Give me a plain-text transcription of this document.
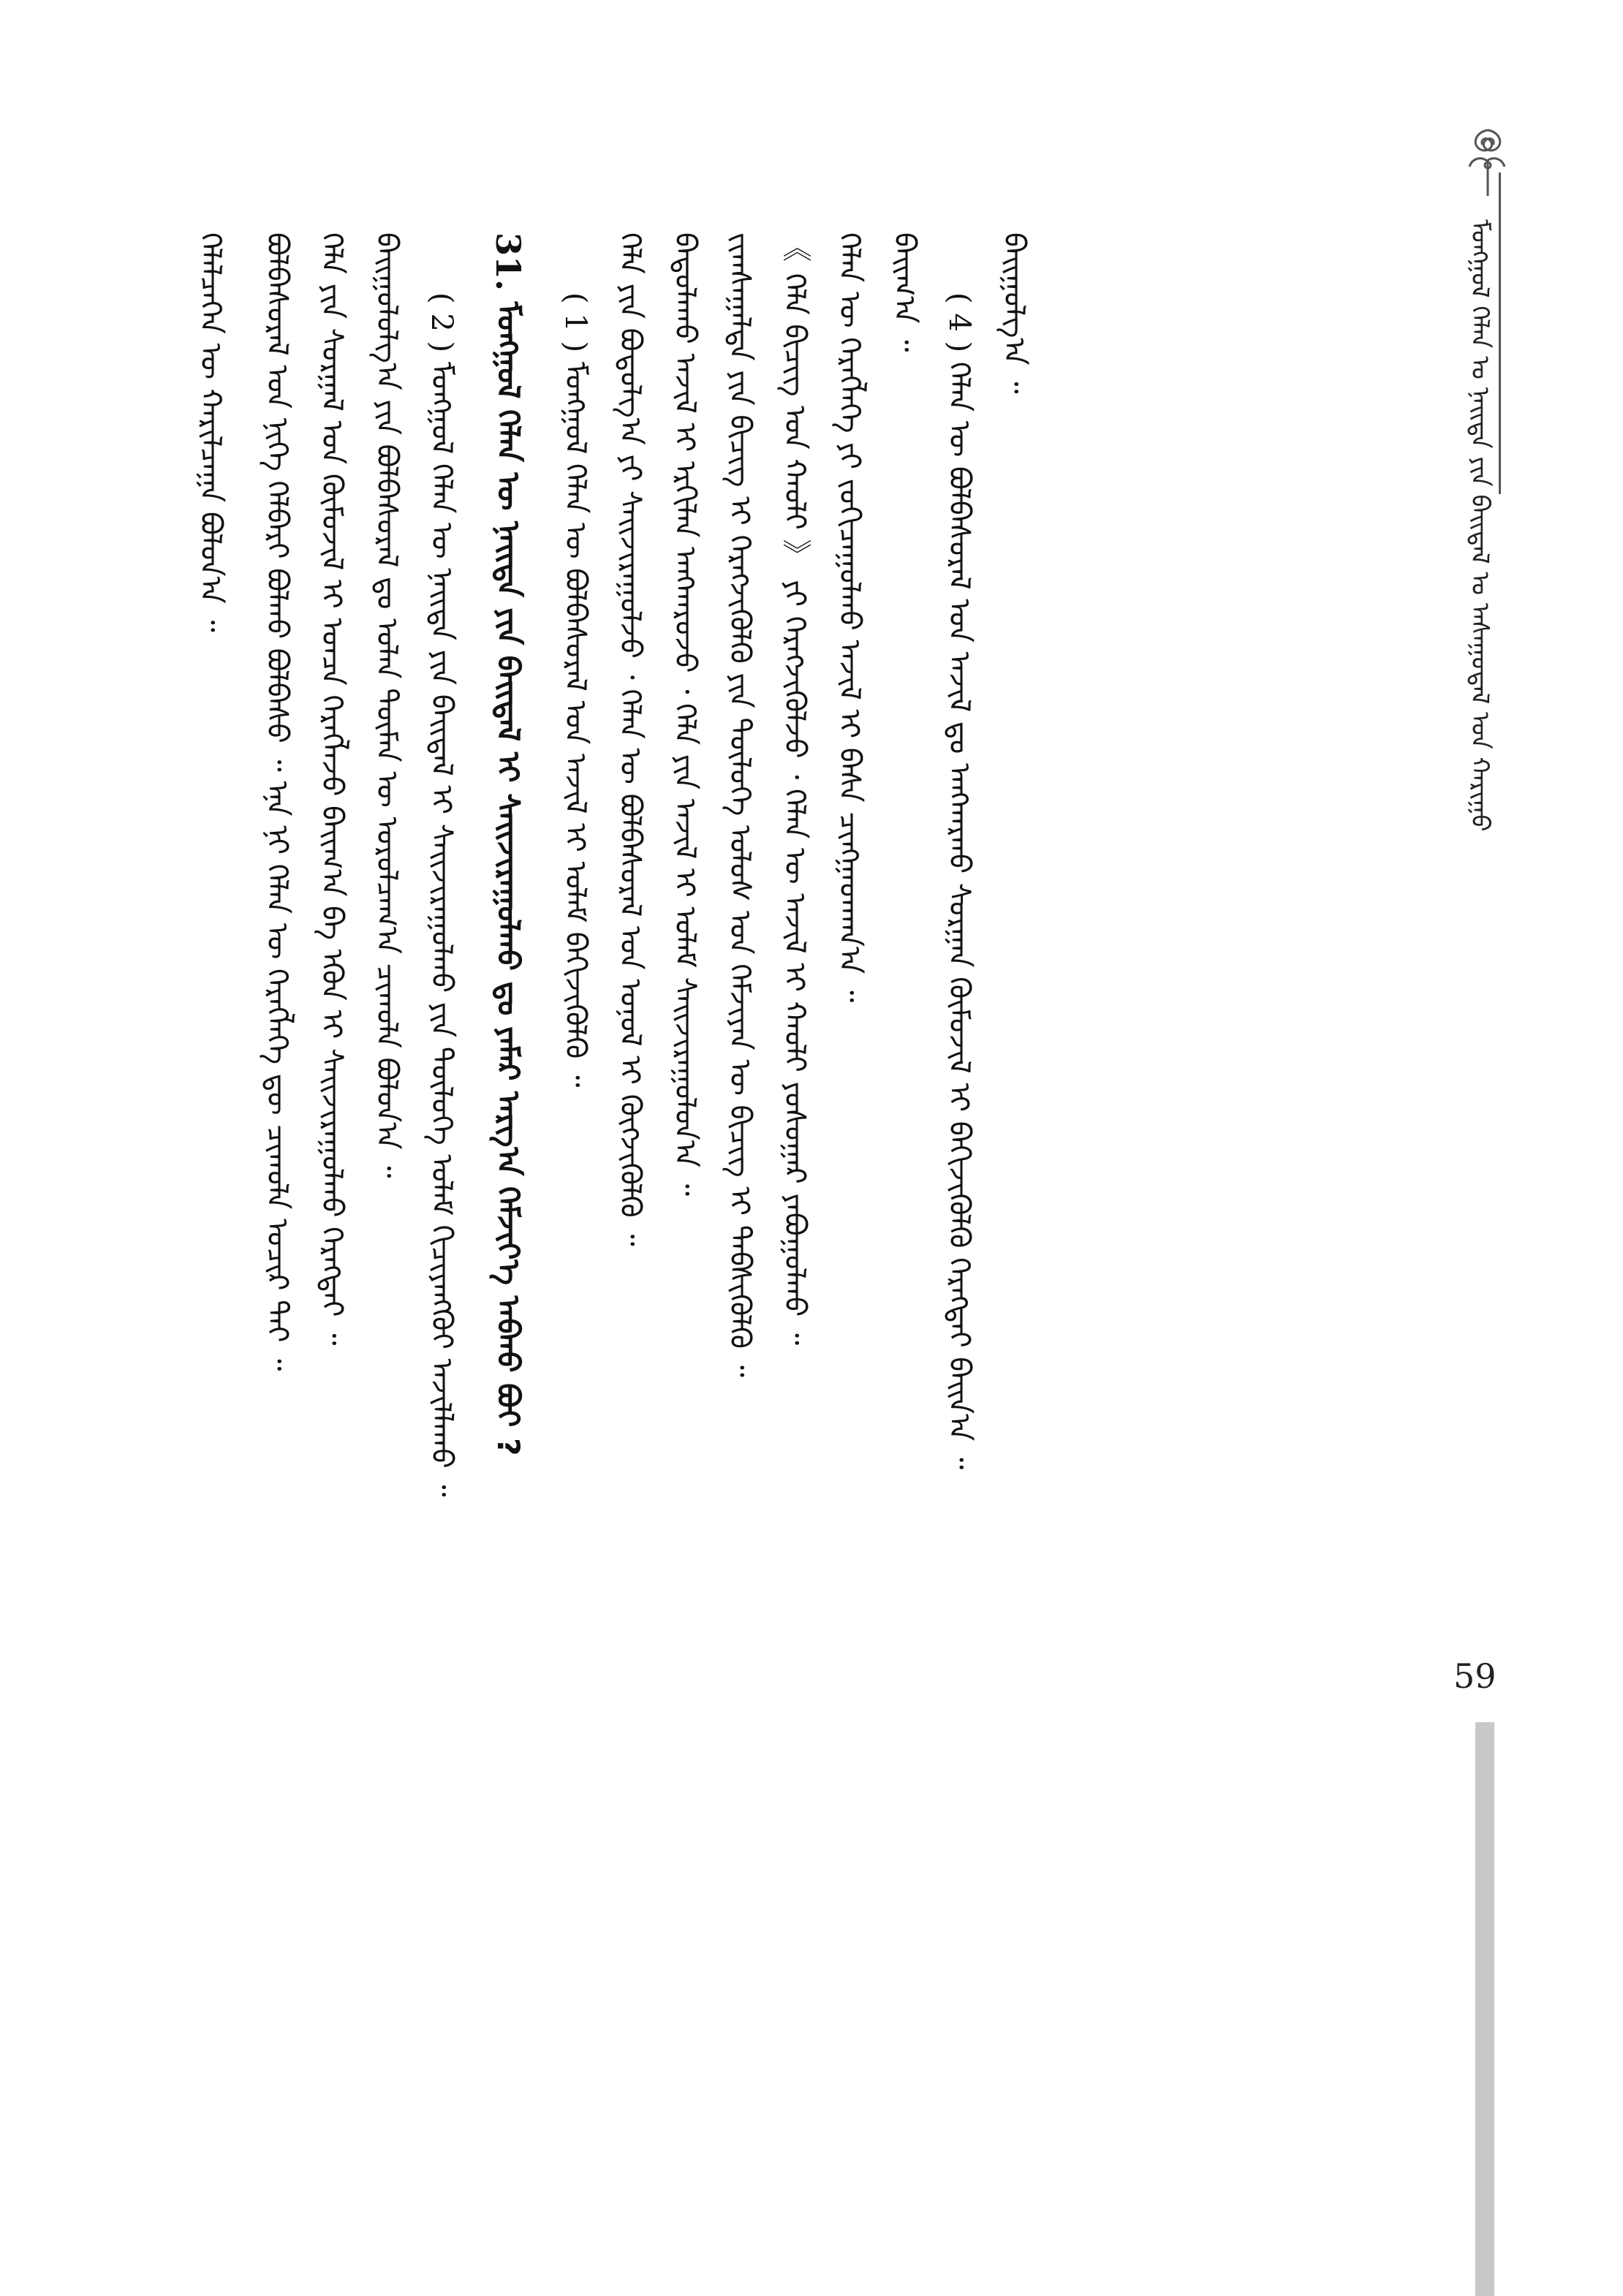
59
ᠮᠣᠩᠭᠣᠯ ᠬᠡᠯᠡᠨ ᠤ ᠨᠡᠢᠲᠡ ᠶᠢᠨ ᠪᠠᠢᠳᠠᠯ ᠤ ᠠᠰᠠᠭᠤᠳᠠᠯ ᠤᠨ ᠬᠠᠷᠢᠭᠤ
ᠬᠡᠯᠡᠯᠴᠡᠭᠡᠨ ᠦ ᠬᠠᠷᠢᠯᠴᠠᠭᠠ ᠪᠣᠯᠣᠨ᠎ᠠ ᠃	ᠪᠣᠯᠪᠠᠰᠤᠷᠠᠯ ᠤᠨ ᠨᠢᠭᠡ ᠬᠡᠯᠪᠡᠷᠢ ᠪᠣᠯᠬᠤ ᠪᠣᠯᠪᠠᠰᠤ ᠃ ᠡᠨᠡ ᠨᠢ ᠬᠡᠯᠡᠨ ᠦ ᠬᠡᠷᠡᠭᠯᠡᠭᠡ ᠳᠦ ᠴᠢᠬᠤᠯᠠ ᠤᠴᠢᠷ ᠲᠠᠢ ᠃ ᠬᠡᠯᠡ ᠶᠢᠨ ᠰᠤᠷᠭᠠᠯ ᠤᠨ ᠬᠦᠮᠦᠵᠢᠯ ᠢ ᠣᠨᠴᠠ ᠬᠡᠷᠡᠭᠯᠡᠵᠦ ᠪᠠᠢᠭ᠎ᠠ ᠪᠠ ᠡᠭᠦᠨ ᠢ ᠰᠠᠢᠵᠢᠷᠠᠭᠤᠯᠬᠤ ᠬᠡᠷᠡᠭᠲᠡᠢ ᠃ ᠪᠠᠢᠭᠤᠯᠤᠯᠭ᠎ᠠ ᠶᠢᠨ ᠪᠣᠯᠪᠠᠰᠤᠷᠠᠯ ᠳᠤ ᠣᠯᠠᠨ ᠲᠦᠮᠡᠨ ᠦ ᠣᠷᠣᠯᠴᠠᠭ᠎ᠠ ᠴᠢᠬᠤᠯᠠ ᠪᠣᠯᠤᠨ᠎ᠠ ᠃ ( 2 ) ᠮᠣᠩᠭᠣᠯ ᠬᠡᠯᠡᠨ ᠦ ᠨᠡᠢᠲᠡ ᠶᠢᠨ ᠪᠠᠢᠳᠠᠯ ᠢ ᠰᠠᠢᠵᠢᠷᠠᠭᠤᠯᠬᠤ ᠶᠢᠨ ᠲᠥᠯᠥᠭᠡ ᠤᠯᠠᠮ ᠬᠢᠴᠢᠶᠡᠩᠭᠦᠢ ᠠᠵᠢᠯᠯᠠᠬᠤ ᠃
31. ᠮᠣᠩᠭᠣᠯ ᠬᠡᠯᠡᠨ ᠦ ᠨᠡᠢᠲᠡ ᠶᠢᠨ ᠪᠠᠢᠳᠠᠯ ᠢ ᠰᠠᠢᠵᠢᠷᠠᠭᠤᠯᠬᠤ ᠳᠤ ᠶᠠᠮᠠᠷ ᠠᠷᠭ᠎ᠠ ᠬᠡᠮᠵᠢᠶ᠎ᠡ ᠠᠪᠬᠤ ᠪᠤᠢ ?	( 1 ) ᠮᠣᠩᠭᠣᠯ ᠬᠡᠯᠡᠨ ᠦ ᠪᠣᠯᠪᠠᠰᠤᠷᠠᠯ ᠤᠨ ᠠᠵᠢᠯ ᠢ ᠤᠯᠠᠮ ᠪᠡᠬᠢᠵᠢᠭᠦᠯᠬᠦ ᠃ ᠬᠡᠯᠡ ᠶᠢᠨ ᠪᠣᠳᠤᠯᠭ᠎ᠠ ᠶᠢ ᠰᠠᠢᠵᠢᠷᠠᠭᠤᠯᠵᠤ ᠂ ᠬᠡᠯᠡᠨ ᠦ ᠪᠣᠯᠪᠠᠰᠤᠷᠠᠯ ᠤᠨ ᠣᠨᠣᠯ ᠢ ᠬᠥᠭᠵᠢᠭᠦᠯᠬᠦ ᠃ ᠪᠠᠳᠤᠯᠠᠬᠤ ᠠᠵᠢᠯ ᠢ ᠡᠷᠬᠢᠯᠡᠨ ᠠᠩᠬᠠᠷᠤᠵᠤ ᠂ ᠬᠡᠯᠡ ᠶᠢᠨ ᠠᠵᠢᠯ ᠢ ᠤᠯᠠᠮ ᠰᠠᠢᠵᠢᠷᠠᠭᠤᠯᠤᠨ᠎ᠠ ᠃ ᠵᠢᠭᠰᠠᠭᠠᠯᠲᠠ ᠶᠢᠨ ᠪᠢᠴᠢᠭ ᠢ ᠬᠡᠷᠡᠭᠵᠢᠭᠦᠯᠬᠦ ᠶᠢᠨ ᠲᠥᠯᠥᠭᠡ ᠤᠯᠤᠰ ᠤᠨ ᠬᠡᠮᠵᠢᠶᠡᠨ ᠦ ᠪᠢᠴᠢᠭ ᠢ ᠳᠡᠪᠰᠢᠭᠦᠯᠬᠦ ᠃ 《 ᠬᠡᠯᠡ ᠪᠢᠴᠢᠭ ᠤᠨ ᠬᠠᠤᠯᠢ 》 ᠶᠢ ᠬᠡᠷᠡᠭᠵᠢᠭᠦᠯᠵᠦ ᠂ ᠬᠡᠯᠡᠨ ᠦ ᠠᠵᠢᠯ ᠢ ᠬᠠᠤᠯᠢ ᠶᠣᠰᠣᠭᠠᠷ ᠶᠠᠪᠤᠭᠤᠯᠬᠤ ᠃ ᠬᠡᠯᠡᠨ ᠦ ᠬᠡᠷᠡᠭᠯᠡᠭᠡ ᠶᠢ ᠵᠣᠬᠢᠴᠠᠭᠤᠯᠬᠤ ᠠᠵᠢᠯ ᠢ ᠪᠠᠰᠠ ᠴᠢᠩᠭᠠᠳᠬᠠᠨ᠎ᠠ ᠃ ᠪᠠᠢᠭ᠎ᠠ ᠃ ( 4 ) ᠬᠡᠯᠡᠨ ᠦ ᠪᠣᠯᠪᠠᠰᠤᠷᠠᠯ ᠤᠨ ᠠᠵᠢᠯ ᠳᠤ ᠠᠩᠬᠠᠷᠬᠤ ᠰᠤᠷᠭᠠᠨ ᠬᠦᠮᠦᠵᠢᠯ ᠢ ᠪᠡᠬᠢᠵᠢᠭᠦᠯᠬᠦ ᠬᠡᠷᠡᠭᠲᠡᠢ ᠪᠠᠢᠨ᠎ᠠ ᠃
ᠪᠠᠢᠭᠤᠯᠭ᠎ᠠ ᠃
